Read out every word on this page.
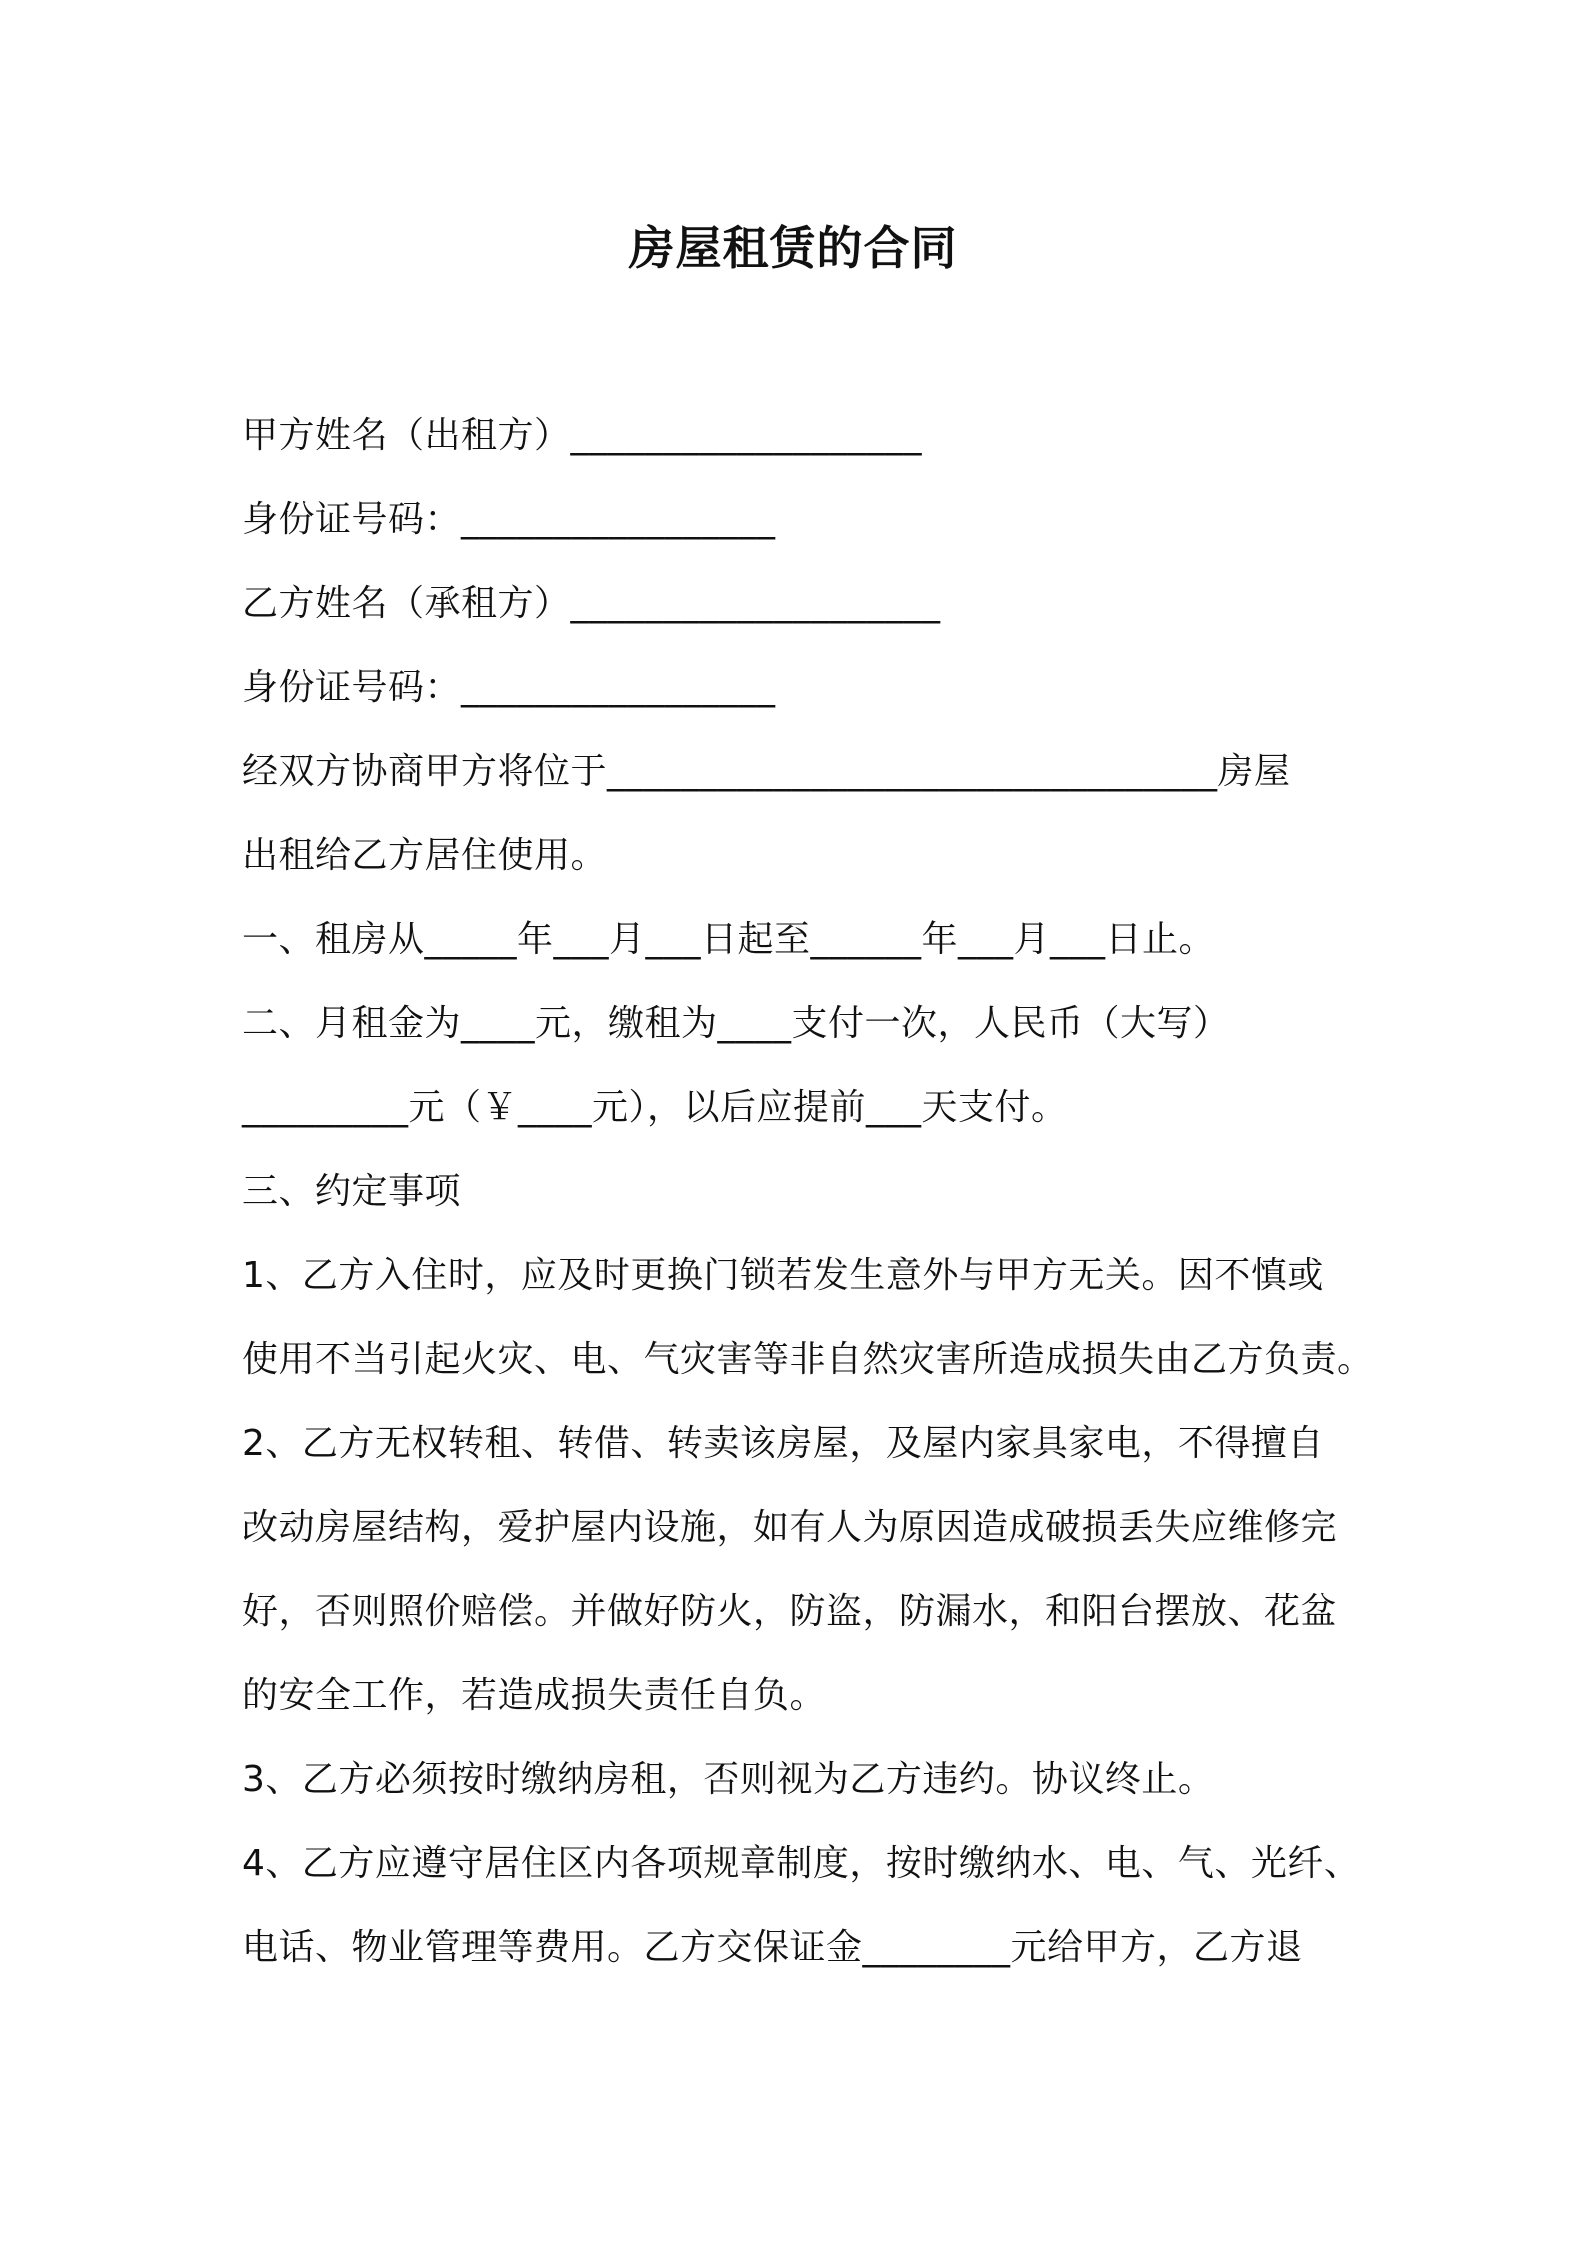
房屋租赁的合同
甲方姓名（出租方）___________________
身份证号码：_________________
乙方姓名（承租方）____________________
身份证号码：_________________
经双方协商甲方将位于_________________________________房屋
出租给乙方居住使用。
一、租房从_____年___月___日起至______年___月___日止。
二、月租金为____元，缴租为____支付一次，人民币（大写）
_________元（￥____元），以后应提前___天支付。
三、约定事项
1、乙方入住时，应及时更换门锁若发生意外与甲方无关。因不慎或
使用不当引起火灾、电、气灾害等非自然灾害所造成损失由乙方负责。
2、乙方无权转租、转借、转卖该房屋，及屋内家具家电，不得擅自
改动房屋结构，爱护屋内设施，如有人为原因造成破损丢失应维修完
好，否则照价赔偿。并做好防火，防盗，防漏水，和阳台摆放、花盆
的安全工作，若造成损失责任自负。
3、乙方必须按时缴纳房租，否则视为乙方违约。协议终止。
4、乙方应遵守居住区内各项规章制度，按时缴纳水、电、气、光纤、
电话、物业管理等费用。乙方交保证金________元给甲方，乙方退
